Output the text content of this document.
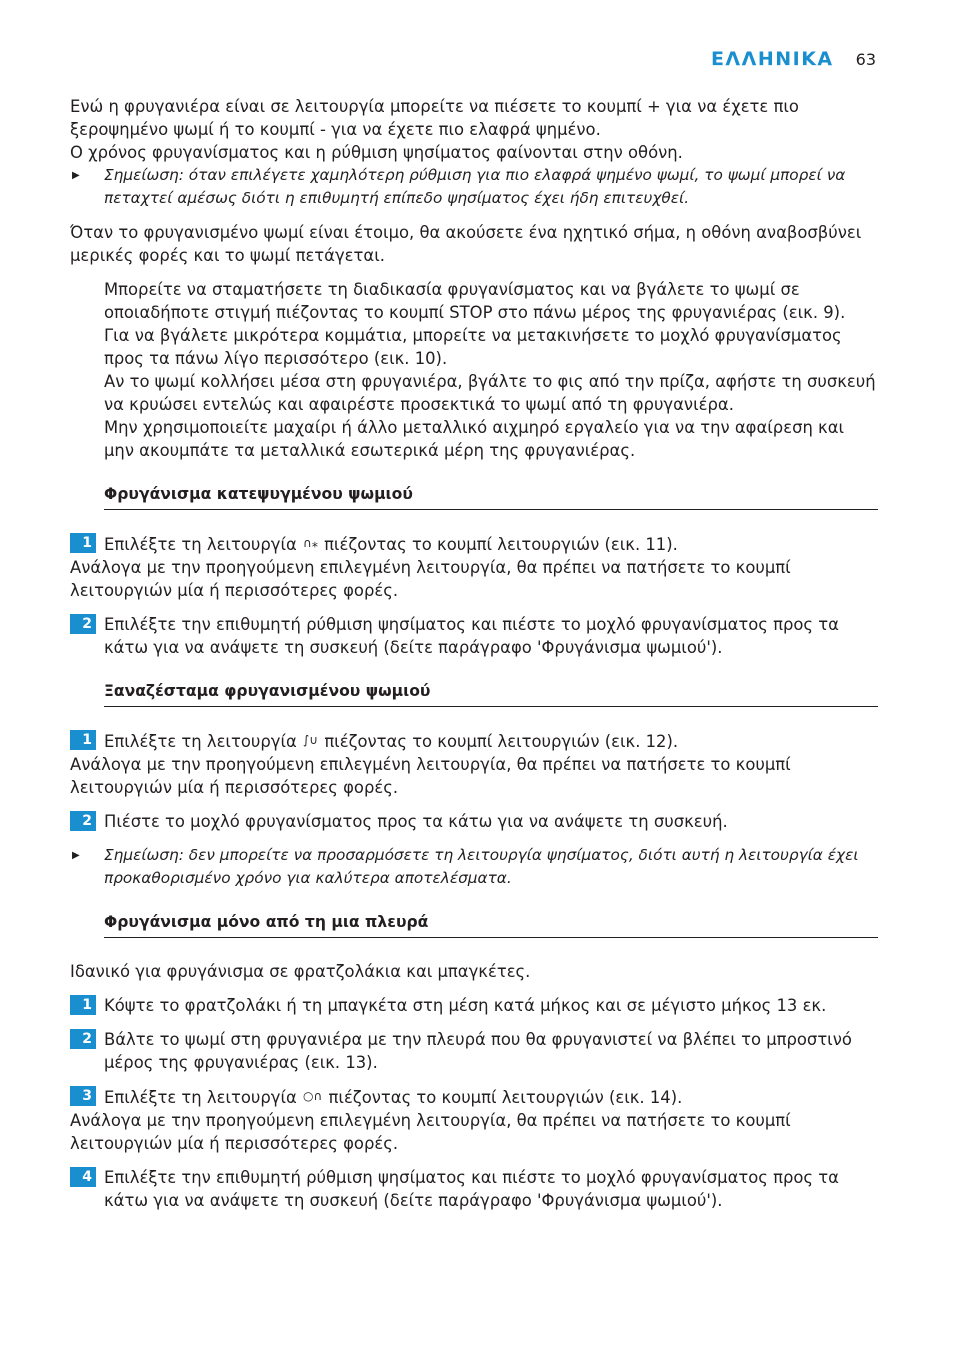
ΕΛΛΗΝΙΚΑ 63

Ενώ η φρυγανιέρα είναι σε λειτουργία μπορείτε να πιέσετε το κουμπί + για να έχετε πιο ξεροψημένο ψωμί ή το κουμπί - για να έχετε πιο ελαφρά ψημένο.

Ο χρόνος φρυγανίσματος και η ρύθμιση ψησίματος φαίνονται στην οθόνη.

▶	Σημείωση: όταν επιλέγετε χαμηλότερη ρύθμιση για πιο ελαφρά ψημένο ψωμί, το ψωμί μπορεί να πεταχτεί αμέσως διότι η επιθυμητή επίπεδο ψησίματος έχει ήδη επιτευχθεί.

Όταν το φρυγανισμένο ψωμί είναι έτοιμο, θα ακούσετε ένα ηχητικό σήμα, η οθόνη αναβοσβύνει μερικές φορές και το ψωμί πετάγεται.

Μπορείτε να σταματήσετε τη διαδικασία φρυγανίσματος και να βγάλετε το ψωμί σε οποιαδήποτε στιγμή πιέζοντας το κουμπί STOP στο πάνω μέρος της φρυγανιέρας (εικ. 9).

Για να βγάλετε μικρότερα κομμάτια, μπορείτε να μετακινήσετε το μοχλό φρυγανίσματος προς τα πάνω λίγο περισσότερο (εικ. 10).

Αν το ψωμί κολλήσει μέσα στη φρυγανιέρα, βγάλτε το φις από την πρίζα, αφήστε τη συσκευή να κρυώσει εντελώς και αφαιρέστε προσεκτικά το ψωμί από τη φρυγανιέρα.

Μην χρησιμοποιείτε μαχαίρι ή άλλο μεταλλικό αιχμηρό εργαλείο για να την αφαίρεση και μην ακουμπάτε τα μεταλλικά εσωτερικά μέρη της φρυγανιέρας.

Φρυγάνισμα κατεψυγμένου ψωμιού
1 Επιλέξτε τη λειτουργία ∩⁎ πιέζοντας το κουμπί λειτουργιών (εικ. 11).

Ανάλογα με την προηγούμενη επιλεγμένη λειτουργία, θα πρέπει να πατήσετε το κουμπί λειτουργιών μία ή περισσότερες φορές.

2 Επιλέξτε την επιθυμητή ρύθμιση ψησίματος και πιέστε το μοχλό φρυγανίσματος προς τα κάτω για να ανάψετε τη συσκευή (δείτε παράγραφο 'Φρυγάνισμα ψωμιού').
Ξαναζέσταμα φρυγανισμένου ψωμιού
1 Επιλέξτε τη λειτουργία ∫∪ πιέζοντας το κουμπί λειτουργιών (εικ. 12).

Ανάλογα με την προηγούμενη επιλεγμένη λειτουργία, θα πρέπει να πατήσετε το κουμπί λειτουργιών μία ή περισσότερες φορές.

2 Πιέστε το μοχλό φρυγανίσματος προς τα κάτω για να ανάψετε τη συσκευή.
▶	Σημείωση: δεν μπορείτε να προσαρμόσετε τη λειτουργία ψησίματος, διότι αυτή η λειτουργία έχει προκαθορισμένο χρόνο για καλύτερα αποτελέσματα.
Φρυγάνισμα μόνο από τη μια πλευρά

Ιδανικό για φρυγάνισμα σε φρατζολάκια και μπαγκέτες.

1 Κόψτε το φρατζολάκι ή τη μπαγκέτα στη μέση κατά μήκος και σε μέγιστο μήκος 13 εκ.
2 Βάλτε το ψωμί στη φρυγανιέρα με την πλευρά που θα φρυγανιστεί να βλέπει το μπροστινό μέρος της φρυγανιέρας (εικ. 13).
3 Επιλέξτε τη λειτουργία ○∩ πιέζοντας το κουμπί λειτουργιών (εικ. 14).

Ανάλογα με την προηγούμενη επιλεγμένη λειτουργία, θα πρέπει να πατήσετε το κουμπί λειτουργιών μία ή περισσότερες φορές.

4 Επιλέξτε την επιθυμητή ρύθμιση ψησίματος και πιέστε το μοχλό φρυγανίσματος προς τα κάτω για να ανάψετε τη συσκευή (δείτε παράγραφο 'Φρυγάνισμα ψωμιού').
